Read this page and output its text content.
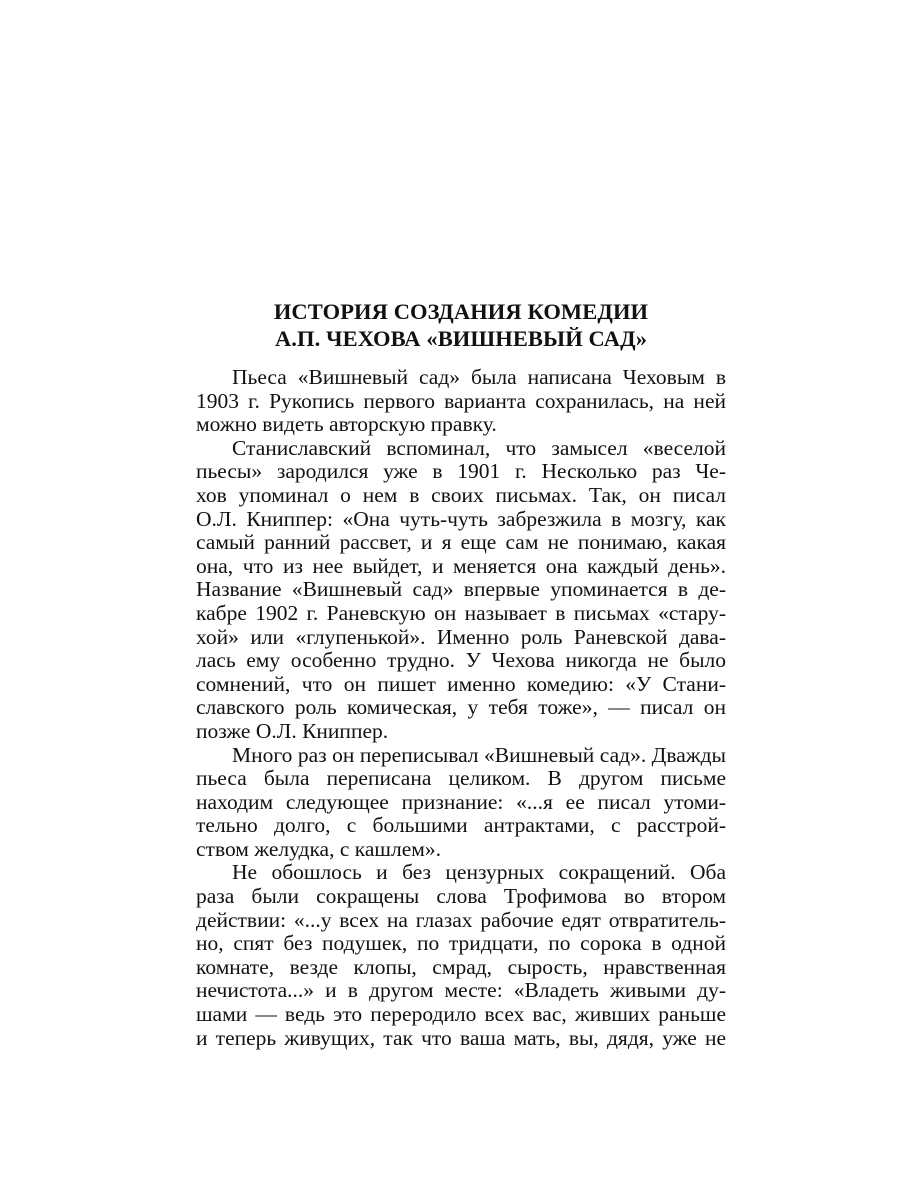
ИСТОРИЯ СОЗДАНИЯ КОМЕДИИ
А.П. ЧЕХОВА «ВИШНЕВЫЙ САД»
Пьеса «Вишневый сад» была написана Чеховым в
1903 г. Рукопись первого варианта сохранилась, на ней
можно видеть авторскую правку.
Станиславский вспоминал, что замысел «веселой
пьесы» зародился уже в 1901 г. Несколько раз Че-
хов упоминал о нем в своих письмах. Так, он писал
О.Л. Книппер: «Она чуть-чуть забрезжила в мозгу, как
самый ранний рассвет, и я еще сам не понимаю, какая
она, что из нее выйдет, и меняется она каждый день».
Название «Вишневый сад» впервые упоминается в де-
кабре 1902 г. Раневскую он называет в письмах «стару-
хой» или «глупенькой». Именно роль Раневской дава-
лась ему особенно трудно. У Чехова никогда не было
сомнений, что он пишет именно комедию: «У Стани-
славского роль комическая, у тебя тоже», — писал он
позже О.Л. Книппер.
Много раз он переписывал «Вишневый сад». Дважды
пьеса была переписана целиком. В другом письме
находим следующее признание: «...я ее писал утоми-
тельно долго, с большими антрактами, с расстрой-
ством желудка, с кашлем».
Не обошлось и без цензурных сокращений. Оба
раза были сокращены слова Трофимова во втором
действии: «...у всех на глазах рабочие едят отвратитель-
но, спят без подушек, по тридцати, по сорока в одной
комнате, везде клопы, смрад, сырость, нравственная
нечистота...» и в другом месте: «Владеть живыми ду-
шами — ведь это переродило всех вас, живших раньше
и теперь живущих, так что ваша мать, вы, дядя, уже не
